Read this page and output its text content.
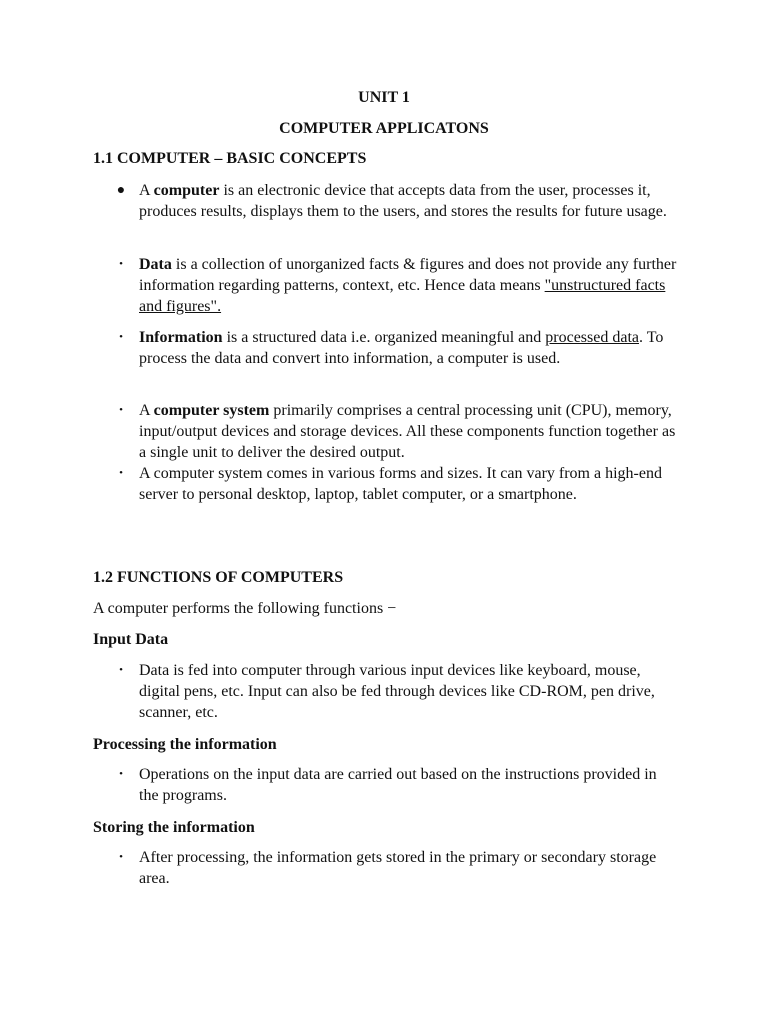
UNIT 1
COMPUTER APPLICATONS
1.1 COMPUTER – BASIC CONCEPTS
● A computer is an electronic device that accepts data from the user, processes it, produces results, displays them to the users, and stores the results for future usage.
• Data is a collection of unorganized facts & figures and does not provide any further information regarding patterns, context, etc. Hence data means "unstructured facts and figures".
• Information is a structured data i.e. organized meaningful and processed data. To process the data and convert into information, a computer is used.
• A computer system primarily comprises a central processing unit (CPU), memory, input/output devices and storage devices. All these components function together as a single unit to deliver the desired output.
• A computer system comes in various forms and sizes. It can vary from a high-end server to personal desktop, laptop, tablet computer, or a smartphone.
1.2 FUNCTIONS OF COMPUTERS
A computer performs the following functions −
Input Data
• Data is fed into computer through various input devices like keyboard, mouse, digital pens, etc. Input can also be fed through devices like CD-ROM, pen drive, scanner, etc.
Processing the information
• Operations on the input data are carried out based on the instructions provided in the programs.
Storing the information
• After processing, the information gets stored in the primary or secondary storage area.
